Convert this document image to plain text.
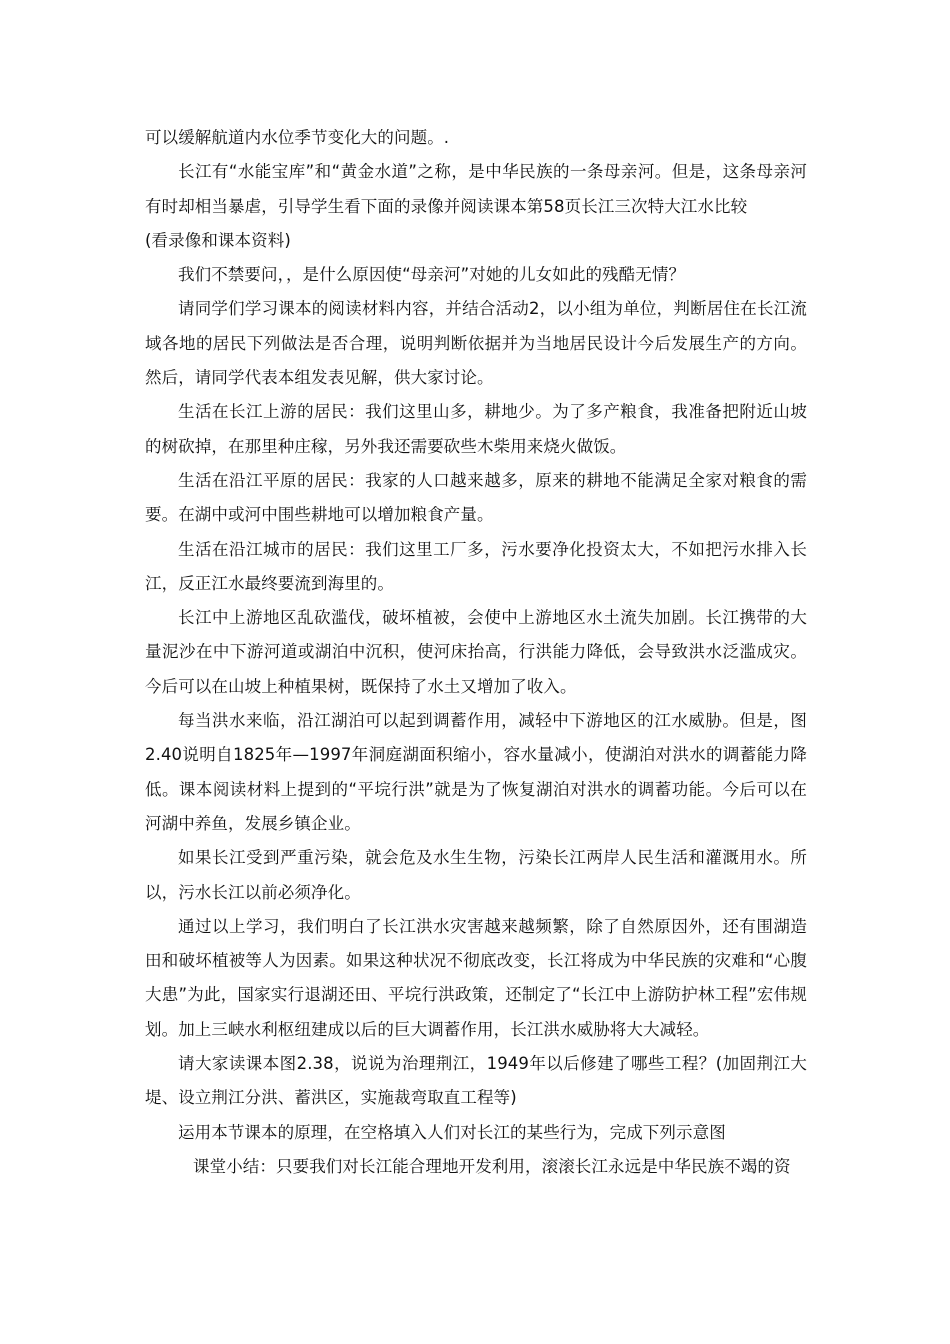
可以缓解航道内水位季节变化大的问题。.

长江有“水能宝库”和“黄金水道”之称，是中华民族的一条母亲河。但是，这条母亲河有时却相当暴虐，引导学生看下面的录像并阅读课本第58页长江三次特大江水比较

(看录像和课本资料)

我们不禁要问，，是什么原因使“母亲河”对她的儿女如此的残酷无情？

请同学们学习课本的阅读材料内容，并结合活动2，以小组为单位，判断居住在长江流域各地的居民下列做法是否合理，说明判断依据并为当地居民设计今后发展生产的方向。然后，请同学代表本组发表见解，供大家讨论。

生活在长江上游的居民：我们这里山多，耕地少。为了多产粮食，我准备把附近山坡的树砍掉，在那里种庄稼，另外我还需要砍些木柴用来烧火做饭。

生活在沿江平原的居民：我家的人口越来越多，原来的耕地不能满足全家对粮食的需要。在湖中或河中围些耕地可以增加粮食产量。

生活在沿江城市的居民：我们这里工厂多，污水要净化投资太大，不如把污水排入长江，反正江水最终要流到海里的。

长江中上游地区乱砍滥伐，破坏植被，会使中上游地区水土流失加剧。长江携带的大量泥沙在中下游河道或湖泊中沉积，使河床抬高，行洪能力降低，会导致洪水泛滥成灾。今后可以在山坡上种植果树，既保持了水土又增加了收入。

每当洪水来临，沿江湖泊可以起到调蓄作用，减轻中下游地区的江水威胁。但是，图2.40说明自1825年—1997年洞庭湖面积缩小，容水量减小，使湖泊对洪水的调蓄能力降低。课本阅读材料上提到的“平垸行洪”就是为了恢复湖泊对洪水的调蓄功能。今后可以在河湖中养鱼，发展乡镇企业。

如果长江受到严重污染，就会危及水生生物，污染长江两岸人民生活和灌溉用水。所以，污水长江以前必须净化。

通过以上学习，我们明白了长江洪水灾害越来越频繁，除了自然原因外，还有围湖造田和破坏植被等人为因素。如果这种状况不彻底改变，长江将成为中华民族的灾难和“心腹大患”为此，国家实行退湖还田、平垸行洪政策，还制定了“长江中上游防护林工程”宏伟规划。加上三峡水利枢纽建成以后的巨大调蓄作用，长江洪水威胁将大大减轻。

请大家读课本图2.38，说说为治理荆江，1949年以后修建了哪些工程？(加固荆江大堤、设立荆江分洪、蓄洪区，实施裁弯取直工程等)

运用本节课本的原理，在空格填入人们对长江的某些行为，完成下列示意图

课堂小结：只要我们对长江能合理地开发利用，滚滚长江永远是中华民族不竭的资
